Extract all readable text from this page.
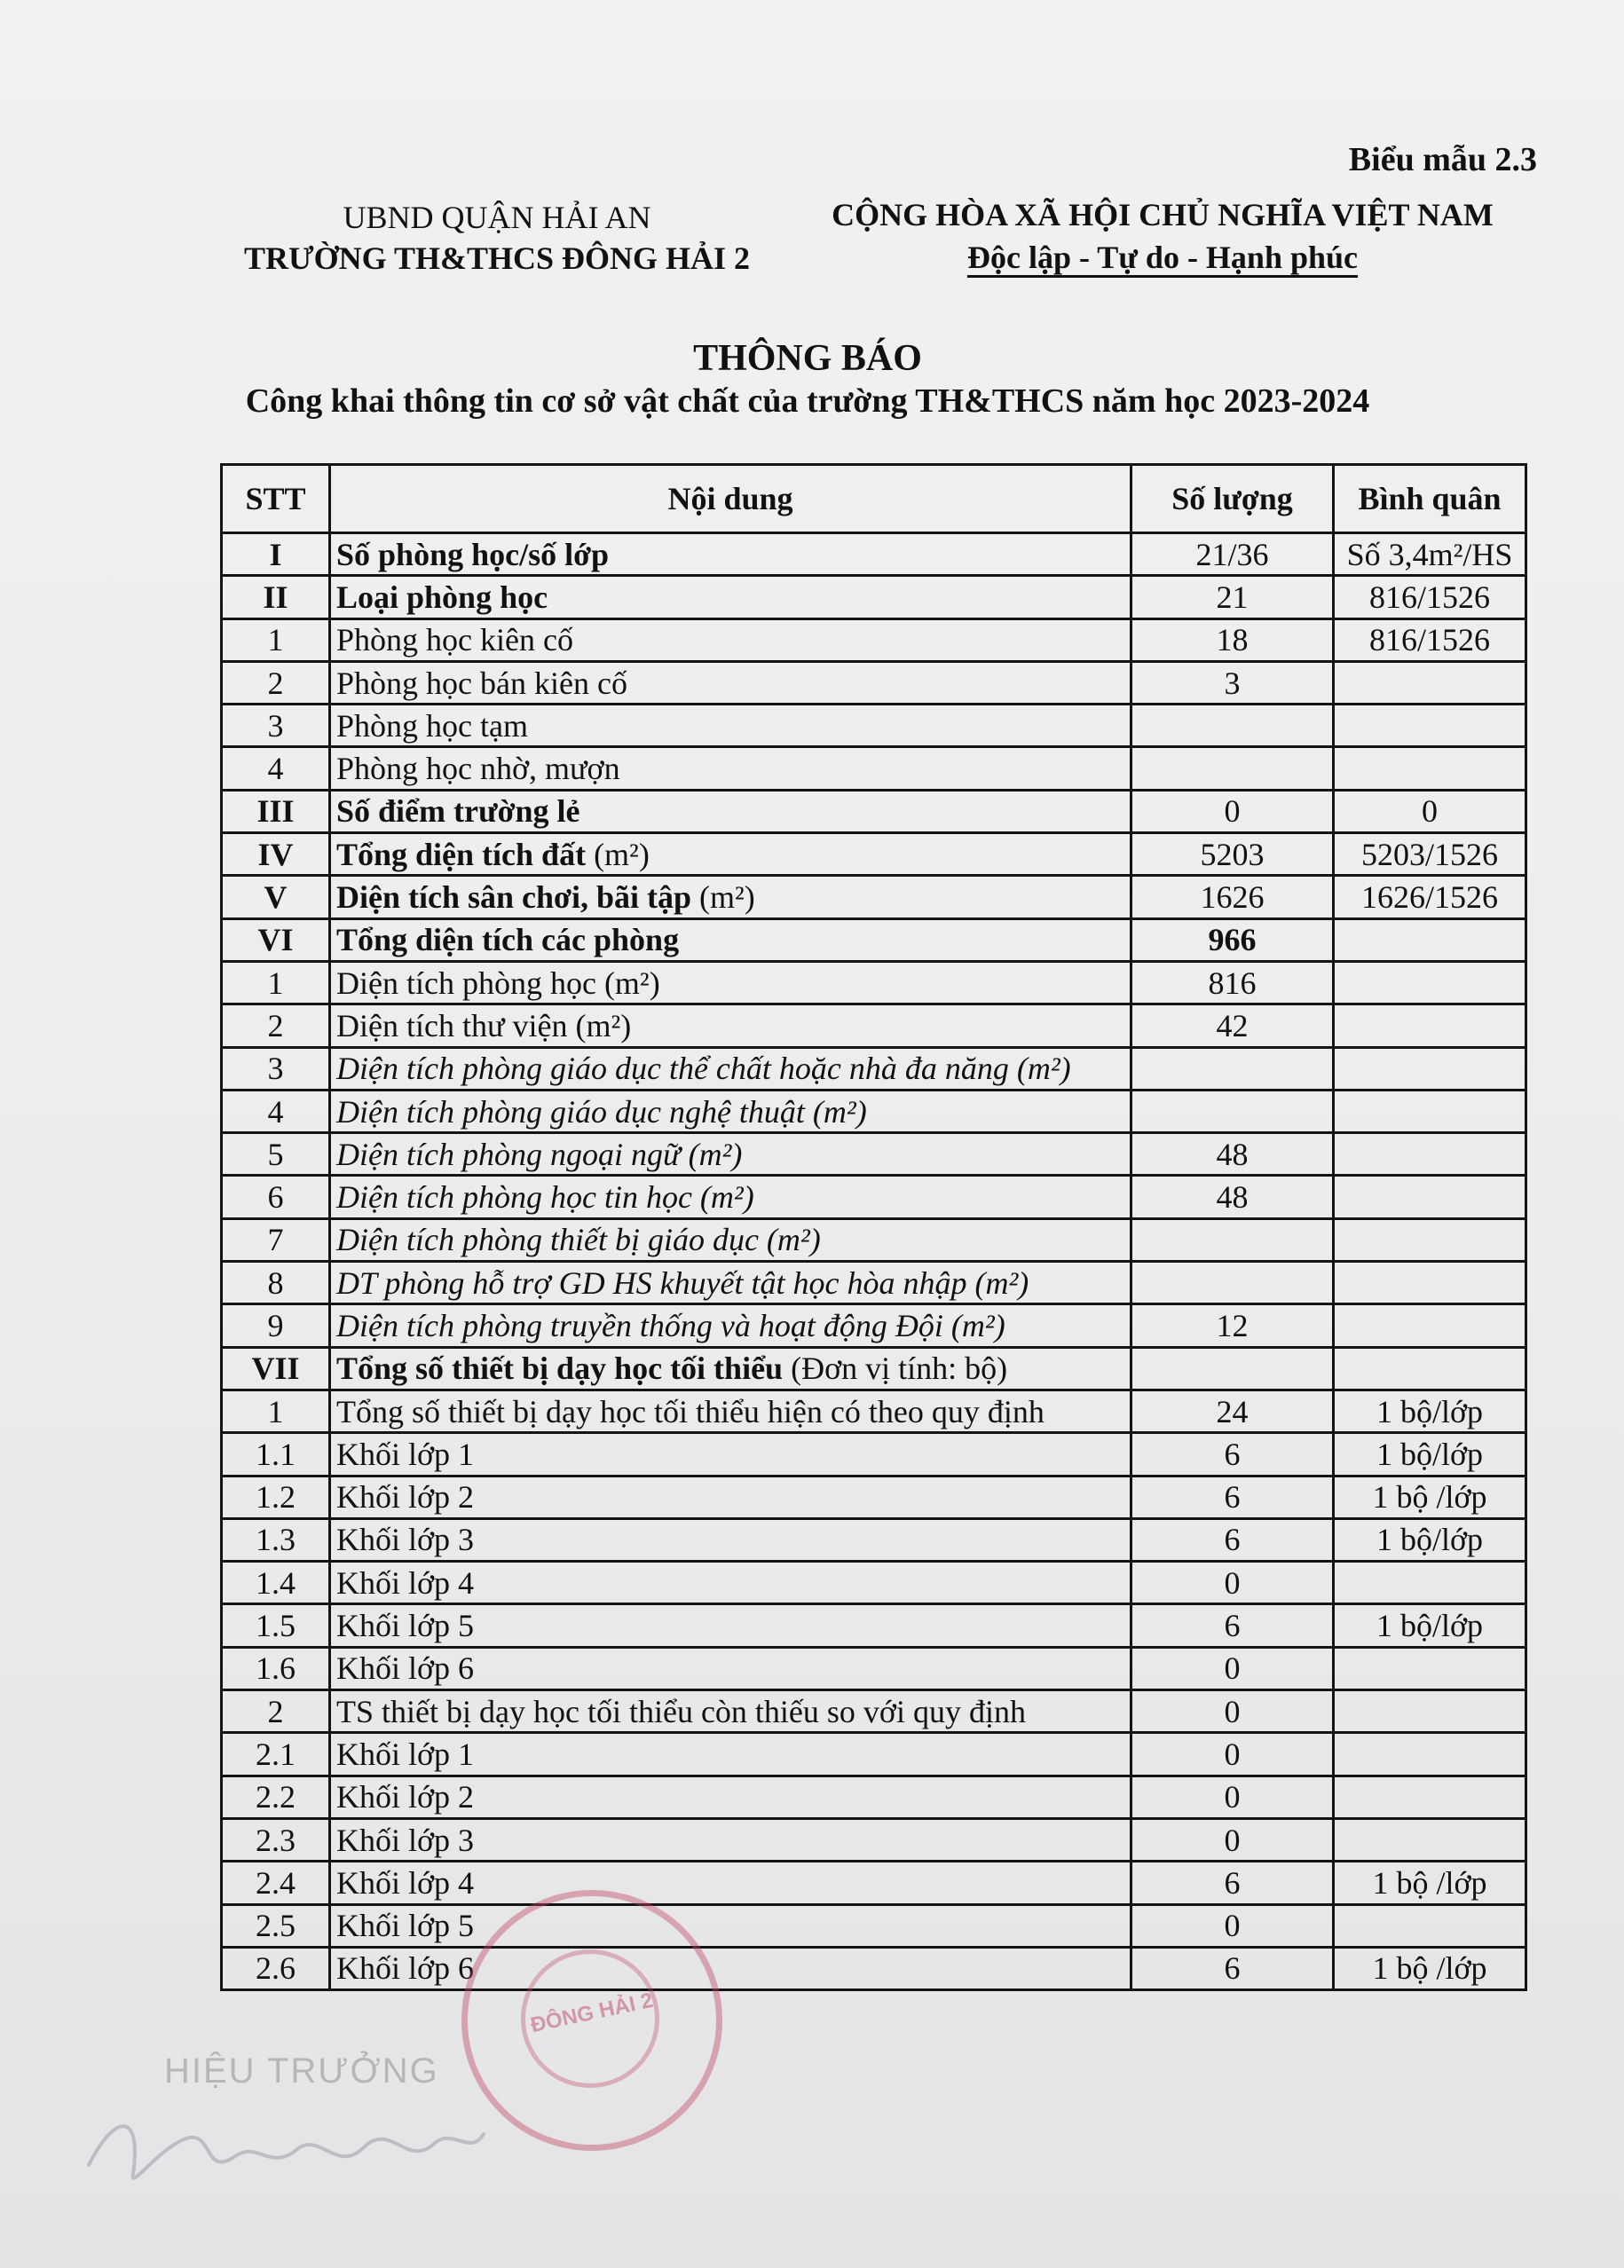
Biểu mẫu 2.3
UBND QUẬN HẢI AN
TRƯỜNG TH&THCS ĐÔNG HẢI 2
CỘNG HÒA XÃ HỘI CHỦ NGHĨA VIỆT NAM
Độc lập - Tự do - Hạnh phúc
THÔNG BÁO
Công khai thông tin cơ sở vật chất của trường TH&THCS năm học 2023-2024
STT	Nội dung	Số lượng	Bình quân
I	Số phòng học/số lớp	21/36	Số 3,4m²/HS
II	Loại phòng học	21	816/1526
1	Phòng học kiên cố	18	816/1526
2	Phòng học bán kiên cố	3	
3	Phòng học tạm		
4	Phòng học nhờ, mượn		
III	Số điểm trường lẻ	0	0
IV	Tổng diện tích đất (m²)	5203	5203/1526
V	Diện tích sân chơi, bãi tập (m²)	1626	1626/1526
VI	Tổng diện tích các phòng	966	
1	Diện tích phòng học (m²)	816	
2	Diện tích thư viện (m²)	42	
3	Diện tích phòng giáo dục thể chất hoặc nhà đa năng (m²)		
4	Diện tích phòng giáo dục nghệ thuật (m²)		
5	Diện tích phòng ngoại ngữ (m²)	48	
6	Diện tích phòng học tin học (m²)	48	
7	Diện tích phòng thiết bị giáo dục (m²)		
8	DT phòng hỗ trợ GD HS khuyết tật học hòa nhập (m²)		
9	Diện tích phòng truyền thống và hoạt động Đội (m²)	12	
VII	Tổng số thiết bị dạy học tối thiểu (Đơn vị tính: bộ)		
1	Tổng số thiết bị dạy học tối thiểu hiện có theo quy định	24	1 bộ/lớp
1.1	Khối lớp 1	6	1 bộ/lớp
1.2	Khối lớp 2	6	1 bộ /lớp
1.3	Khối lớp 3	6	1 bộ/lớp
1.4	Khối lớp 4	0	
1.5	Khối lớp 5	6	1 bộ/lớp
1.6	Khối lớp 6	0	
2	TS thiết bị dạy học tối thiểu còn thiếu so với quy định	0	
2.1	Khối lớp 1	0	
2.2	Khối lớp 2	0	
2.3	Khối lớp 3	0	
2.4	Khối lớp 4	6	1 bộ /lớp
2.5	Khối lớp 5	0	
2.6	Khối lớp 6	6	1 bộ /lớp
ĐÔNG HẢI 2
HIỆU TRƯỞNG
